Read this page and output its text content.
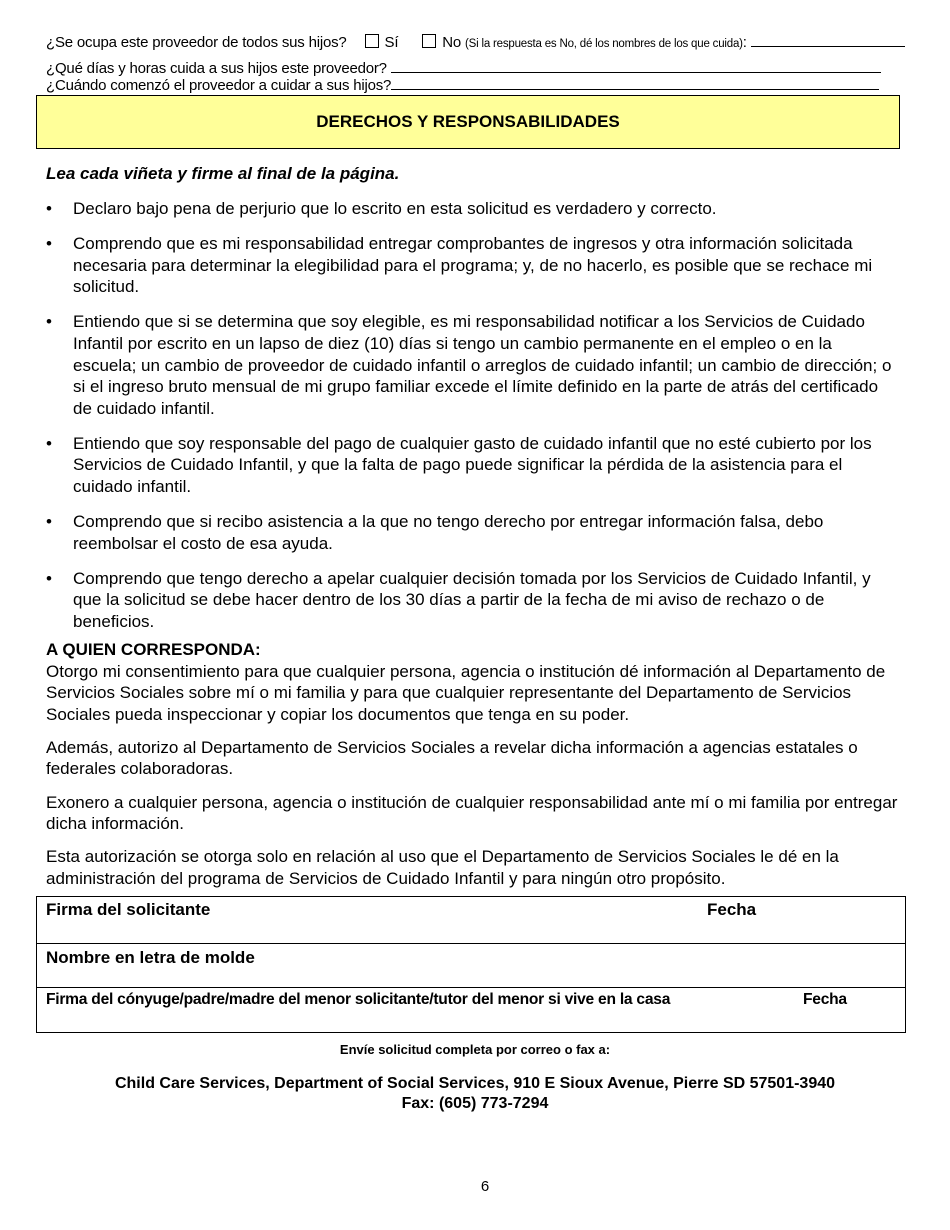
¿Se ocupa este proveedor de todos sus hijos?	Sí	No (Si la respuesta es No, dé los nombres de los que cuida):
¿Qué días y horas cuida a sus hijos este proveedor?
¿Cuándo comenzó el proveedor a cuidar a sus hijos?
DERECHOS Y RESPONSABILIDADES
Lea cada viñeta y firme al final de la página.
•	Declaro bajo pena de perjurio que lo escrito en esta solicitud es verdadero y correcto.
•	Comprendo que es mi responsabilidad entregar comprobantes de ingresos y otra información solicitada necesaria para determinar la elegibilidad para el programa; y, de no hacerlo, es posible que se rechace mi solicitud.
•	Entiendo que si se determina que soy elegible, es mi responsabilidad notificar a los Servicios de Cuidado Infantil por escrito en un lapso de diez (10) días si tengo un cambio permanente en el empleo o en la escuela; un cambio de proveedor de cuidado infantil o arreglos de cuidado infantil; un cambio de dirección; o si el ingreso bruto mensual de mi grupo familiar excede el límite definido en la parte de atrás del certificado de cuidado infantil.
•	Entiendo que soy responsable del pago de cualquier gasto de cuidado infantil que no esté cubierto por los Servicios de Cuidado Infantil, y que la falta de pago puede significar la pérdida de la asistencia para el cuidado infantil.
•	Comprendo que si recibo asistencia a la que no tengo derecho por entregar información falsa, debo reembolsar el costo de esa ayuda.
•	Comprendo que tengo derecho a apelar cualquier decisión tomada por los Servicios de Cuidado Infantil, y que la solicitud se debe hacer dentro de los 30 días a partir de la fecha de mi aviso de rechazo o de beneficios.
A QUIEN CORRESPONDA:

Otorgo mi consentimiento para que cualquier persona, agencia o institución dé información al Departamento de Servicios Sociales sobre mí o mi familia y para que cualquier representante del Departamento de Servicios Sociales pueda inspeccionar y copiar los documentos que tenga en su poder.

Además, autorizo al Departamento de Servicios Sociales a revelar dicha información a agencias estatales o federales colaboradoras.

Exonero a cualquier persona, agencia o institución de cualquier responsabilidad ante mí o mi familia por entregar dicha información.

Esta autorización se otorga solo en relación al uso que el Departamento de Servicios Sociales le dé en la administración del programa de Servicios de Cuidado Infantil y para ningún otro propósito.

Firma del solicitante	Fecha
Nombre en letra de molde
Firma del cónyuge/padre/madre del menor solicitante/tutor del menor si vive en la casa	Fecha
Envíe solicitud completa por correo o fax a:
Child Care Services, Department of Social Services, 910 E Sioux Avenue, Pierre SD 57501-3940
Fax: (605) 773-7294
6
